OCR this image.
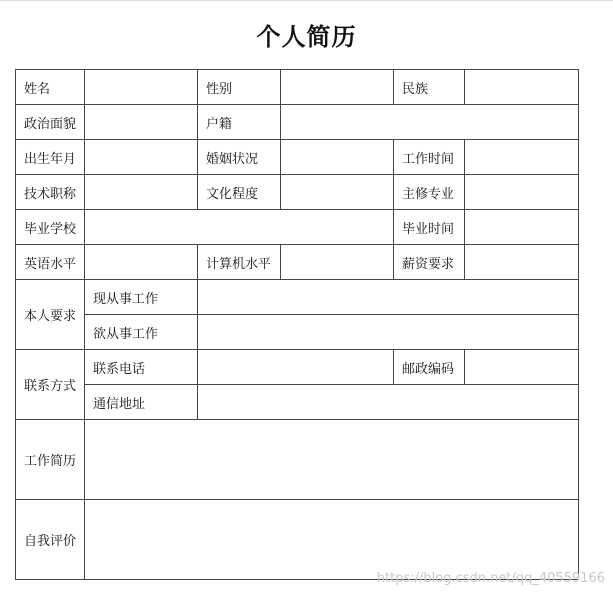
个人简历
姓名		性别		民族	
政治面貌		户籍			
出生年月		婚姻状况		工作时间	
技术职称		文化程度		主修专业	
毕业学校				毕业时间	
英语水平		计算机水平		薪资要求	
本人要求	现从事工作				
	欲从事工作				
联系方式	联系电话			邮政编码	
	通信地址				
工作简历					
自我评价					
https://blog.csdn.net/qq_40559166
